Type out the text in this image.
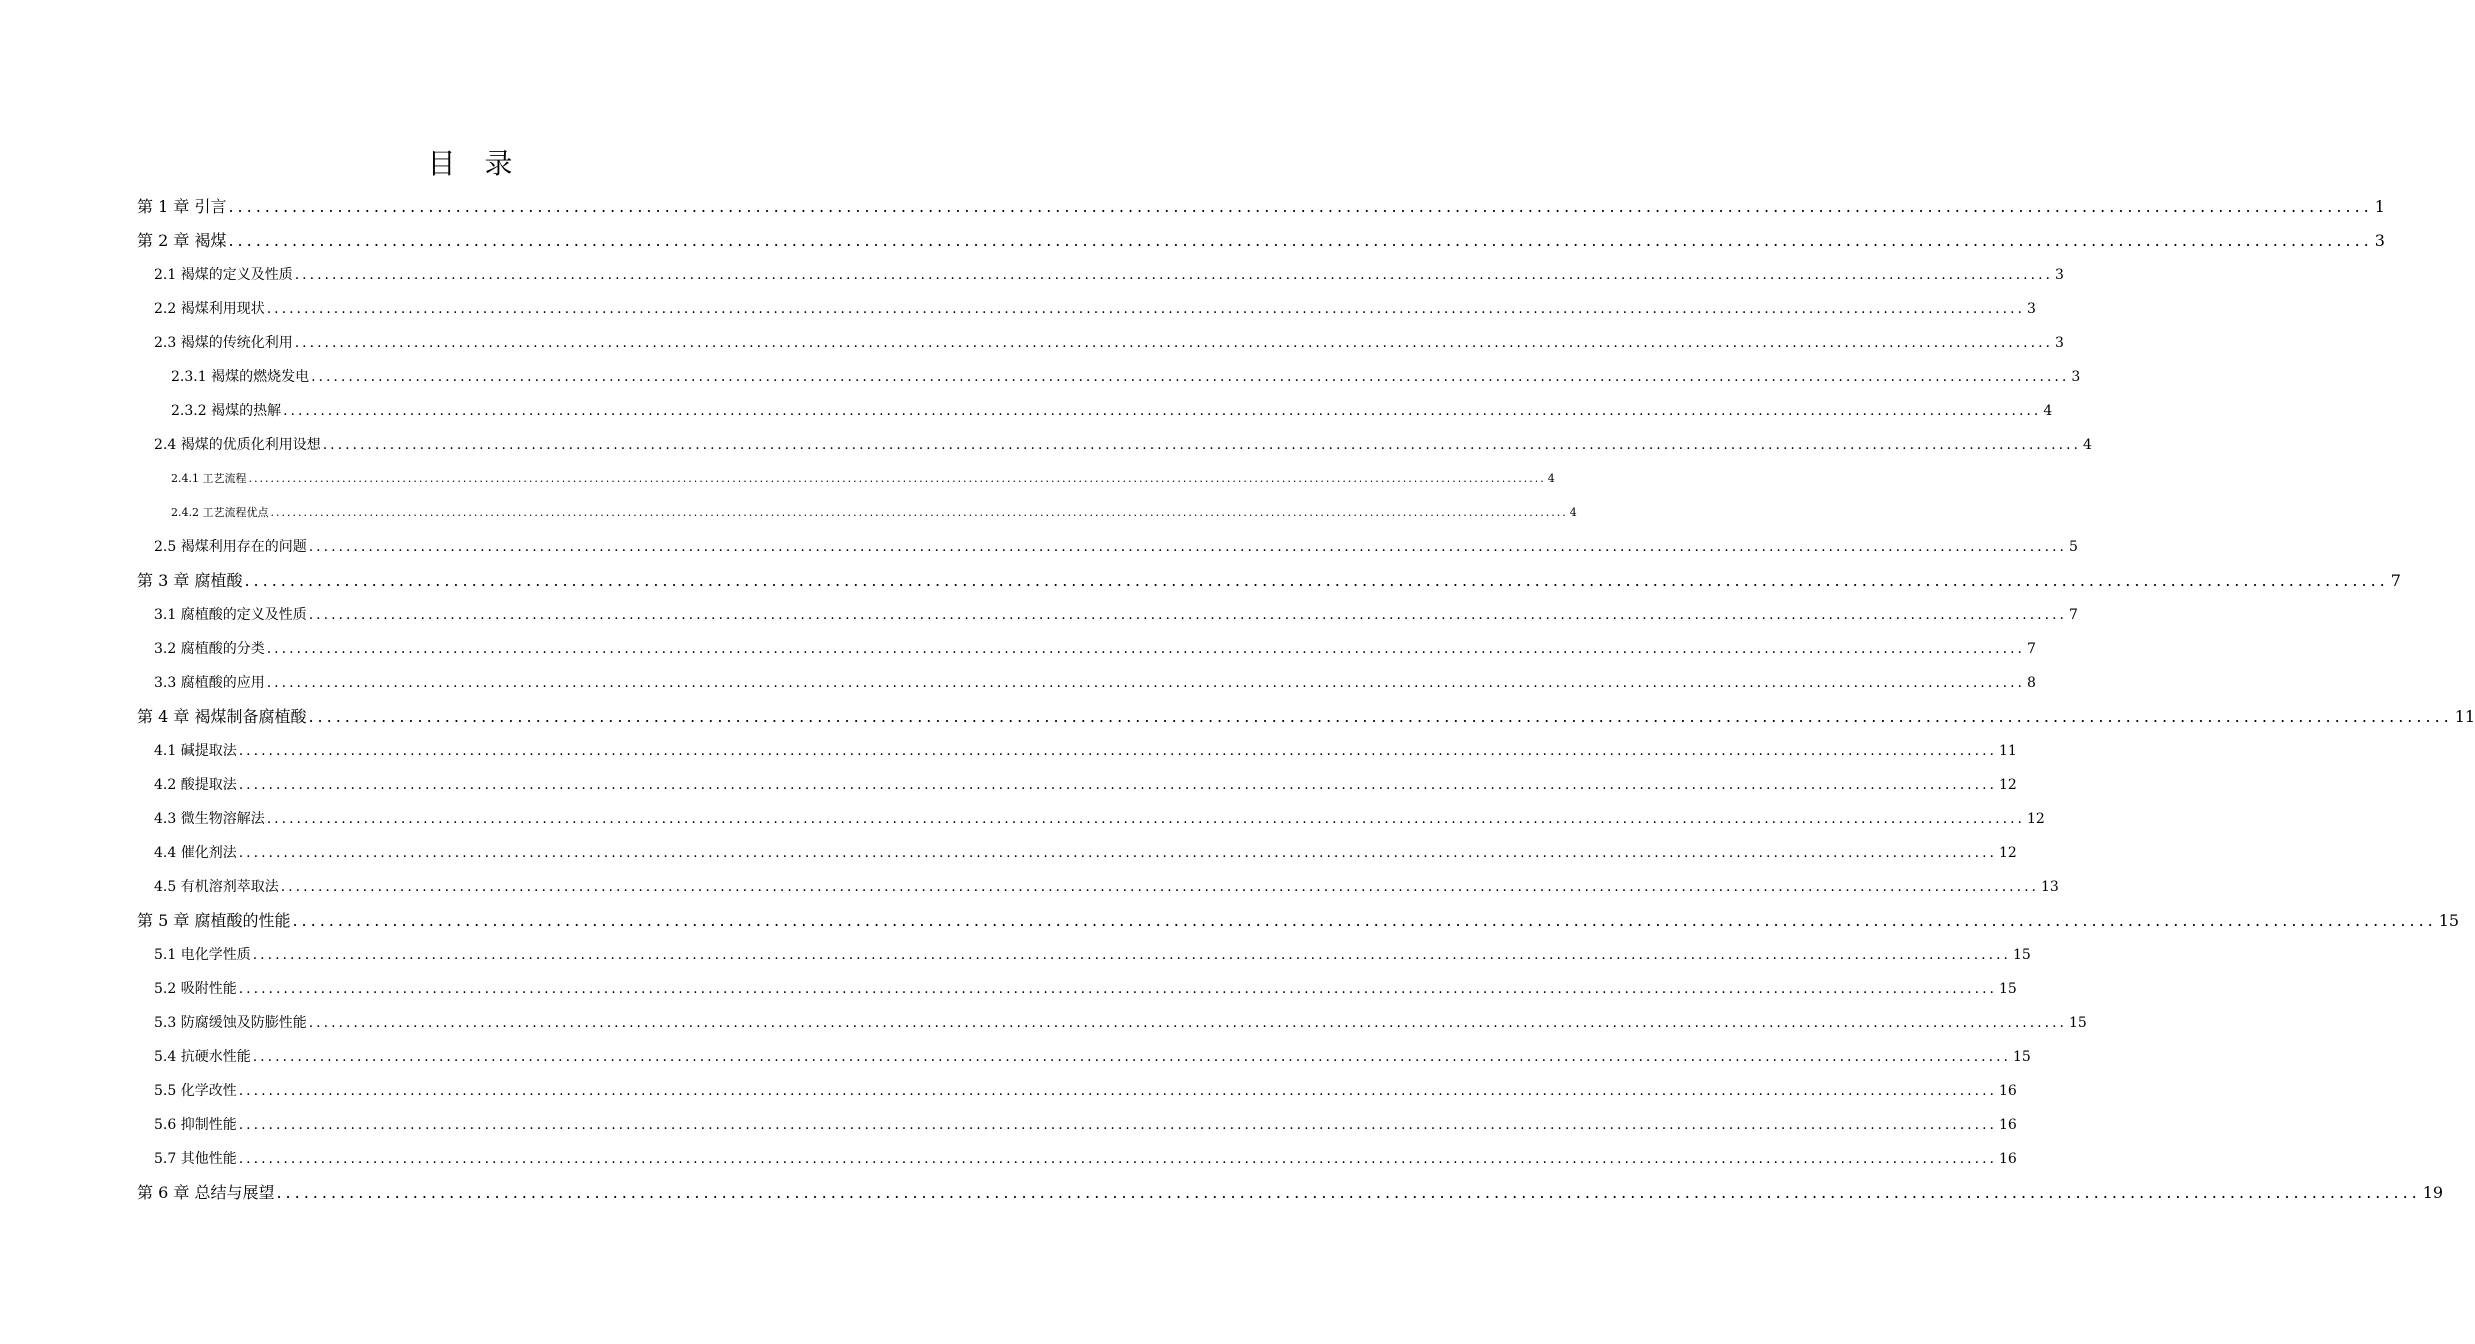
目 录
第 1 章 引言 ............................................................................................................................................................................................................................................ 1
第 2 章 褐煤 ............................................................................................................................................................................................................................................ 3
2.1 褐煤的定义及性质 ............................................................................................................................................................................................................................................ 3
2.2 褐煤利用现状 ............................................................................................................................................................................................................................................ 3
2.3 褐煤的传统化利用 ............................................................................................................................................................................................................................................ 3
2.3.1 褐煤的燃烧发电 ............................................................................................................................................................................................................................................ 3
2.3.2 褐煤的热解 ............................................................................................................................................................................................................................................ 4
2.4 褐煤的优质化利用设想 ............................................................................................................................................................................................................................................ 4
2.4.1 工艺流程 ............................................................................................................................................................................................................................................ 4
2.4.2 工艺流程优点 ............................................................................................................................................................................................................................................ 4
2.5 褐煤利用存在的问题 ............................................................................................................................................................................................................................................ 5
第 3 章 腐植酸 ............................................................................................................................................................................................................................................ 7
3.1 腐植酸的定义及性质 ............................................................................................................................................................................................................................................ 7
3.2 腐植酸的分类 ............................................................................................................................................................................................................................................ 7
3.3 腐植酸的应用 ............................................................................................................................................................................................................................................ 8
第 4 章 褐煤制备腐植酸 ............................................................................................................................................................................................................................................ 11
4.1 碱提取法 ............................................................................................................................................................................................................................................ 11
4.2 酸提取法 ............................................................................................................................................................................................................................................ 12
4.3 微生物溶解法 ............................................................................................................................................................................................................................................ 12
4.4 催化剂法 ............................................................................................................................................................................................................................................ 12
4.5 有机溶剂萃取法 ............................................................................................................................................................................................................................................ 13
第 5 章 腐植酸的性能 ............................................................................................................................................................................................................................................ 15
5.1 电化学性质 ............................................................................................................................................................................................................................................ 15
5.2 吸附性能 ............................................................................................................................................................................................................................................ 15
5.3 防腐缓蚀及防膨性能 ............................................................................................................................................................................................................................................ 15
5.4 抗硬水性能 ............................................................................................................................................................................................................................................ 15
5.5 化学改性 ............................................................................................................................................................................................................................................ 16
5.6 抑制性能 ............................................................................................................................................................................................................................................ 16
5.7 其他性能 ............................................................................................................................................................................................................................................ 16
第 6 章 总结与展望 ............................................................................................................................................................................................................................................ 19
